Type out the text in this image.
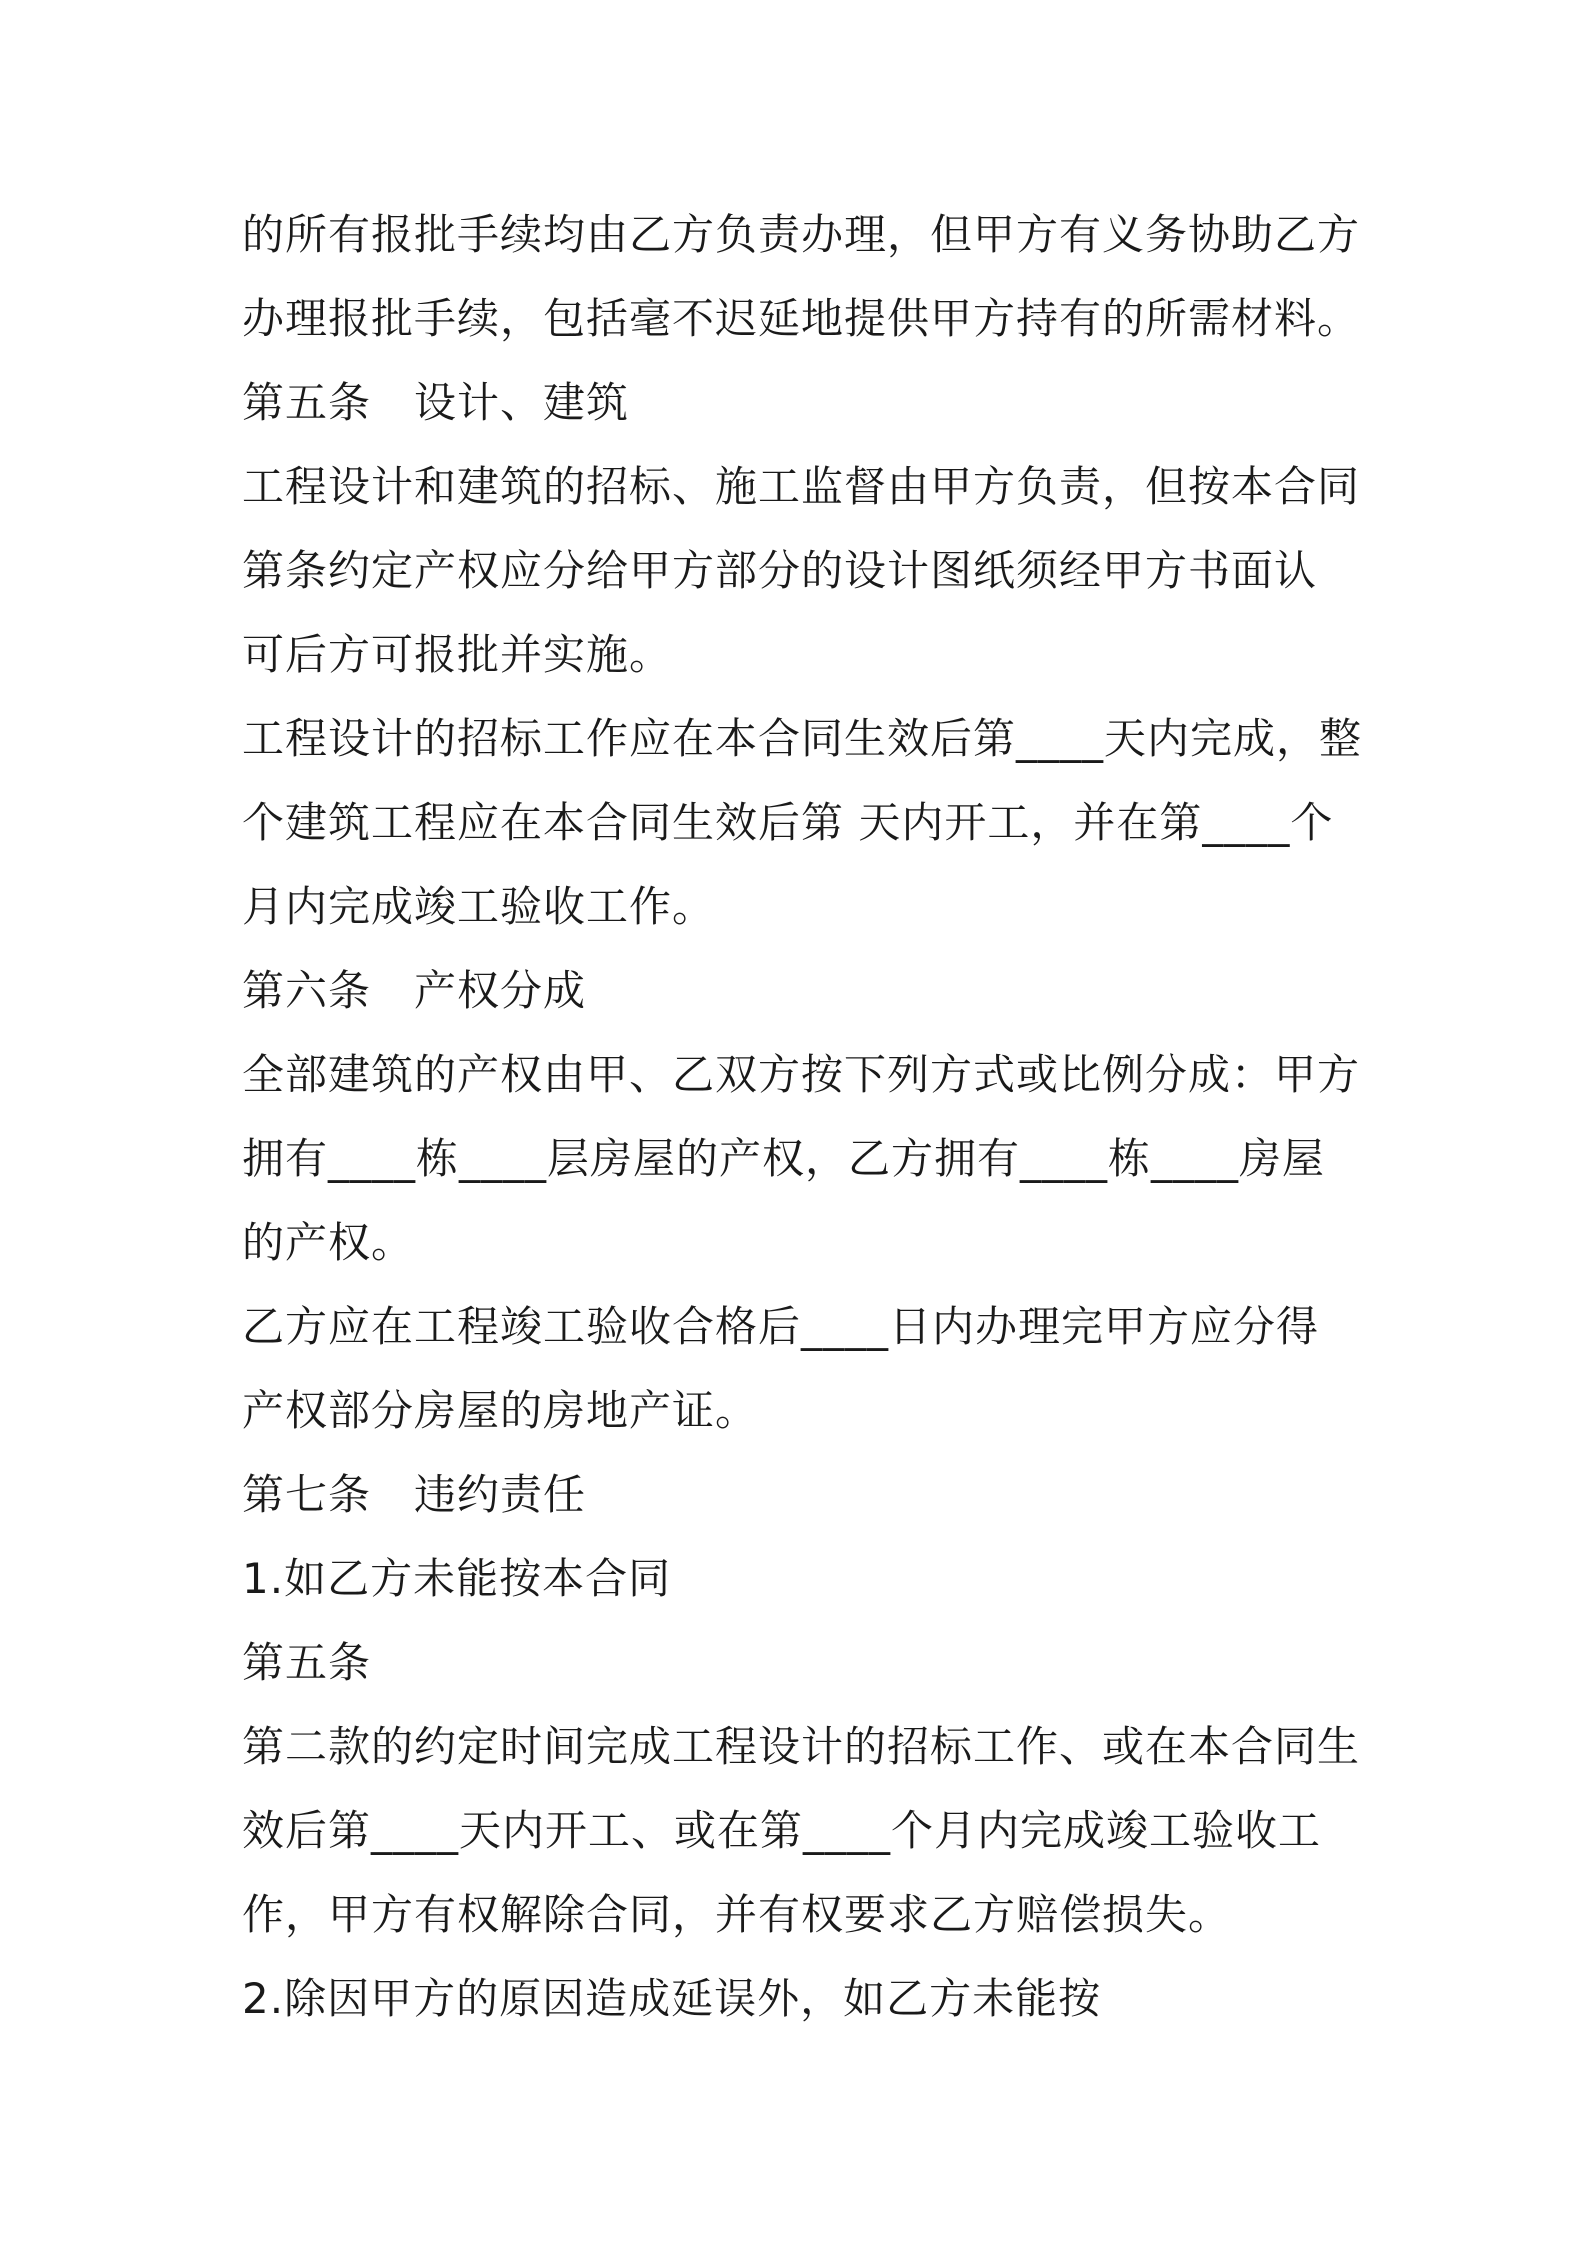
的所有报批手续均由乙方负责办理，但甲方有义务协助乙方
办理报批手续，包括毫不迟延地提供甲方持有的所需材料。
第五条　设计、建筑
工程设计和建筑的招标、施工监督由甲方负责，但按本合同
第条约定产权应分给甲方部分的设计图纸须经甲方书面认
可后方可报批并实施。
工程设计的招标工作应在本合同生效后第____天内完成，整
个建筑工程应在本合同生效后第 天内开工，并在第____个
月内完成竣工验收工作。
第六条　产权分成
全部建筑的产权由甲、乙双方按下列方式或比例分成：甲方
拥有____栋____层房屋的产权，乙方拥有____栋____房屋
的产权。
乙方应在工程竣工验收合格后____日内办理完甲方应分得
产权部分房屋的房地产证。
第七条　违约责任
1.如乙方未能按本合同
第五条
第二款的约定时间完成工程设计的招标工作、或在本合同生
效后第____天内开工、或在第____个月内完成竣工验收工
作，甲方有权解除合同，并有权要求乙方赔偿损失。
2.除因甲方的原因造成延误外，如乙方未能按
